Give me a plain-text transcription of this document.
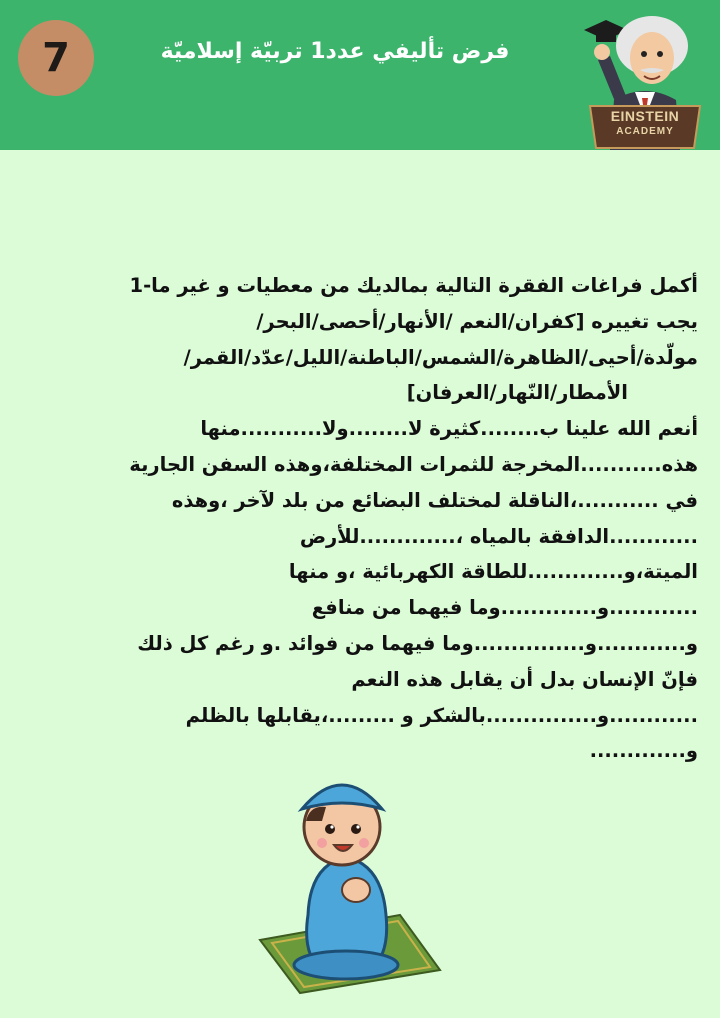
7	فرض تأليفي عدد1 تربيّة إسلاميّة
EINSTEIN
ACADEMY
أكمل فراغات الفقرة التالية بمالديك من معطيات و غير ما-1
يجب تغييره [كفران/النعم /الأنهار/أحصى/البحر/
مولّدة/أحيى/الظاهرة/الشمس/الباطنة/الليل/عدّد/القمر/
الأمطار/النّهار/العرفان]
أنعم الله علينا ب........كثيرة لا........ولا...........منها
هذه...........المخرجة للثمرات المختلفة،وهذه السفن الجارية
في ...........،الناقلة لمختلف البضائع من بلد لآخر ،وهذه
............الدافقة بالمياه ،.............للأرض
الميتة،و.............للطاقة الكهربائية ،و منها
............و.............وما فيهما من منافع
و............و...............وما فيهما من فوائد .و رغم كل ذلك
فإنّ الإنسان بدل أن يقابل هذه النعم
............و...............بالشكر و .........،يقابلها بالظلم
و.............
